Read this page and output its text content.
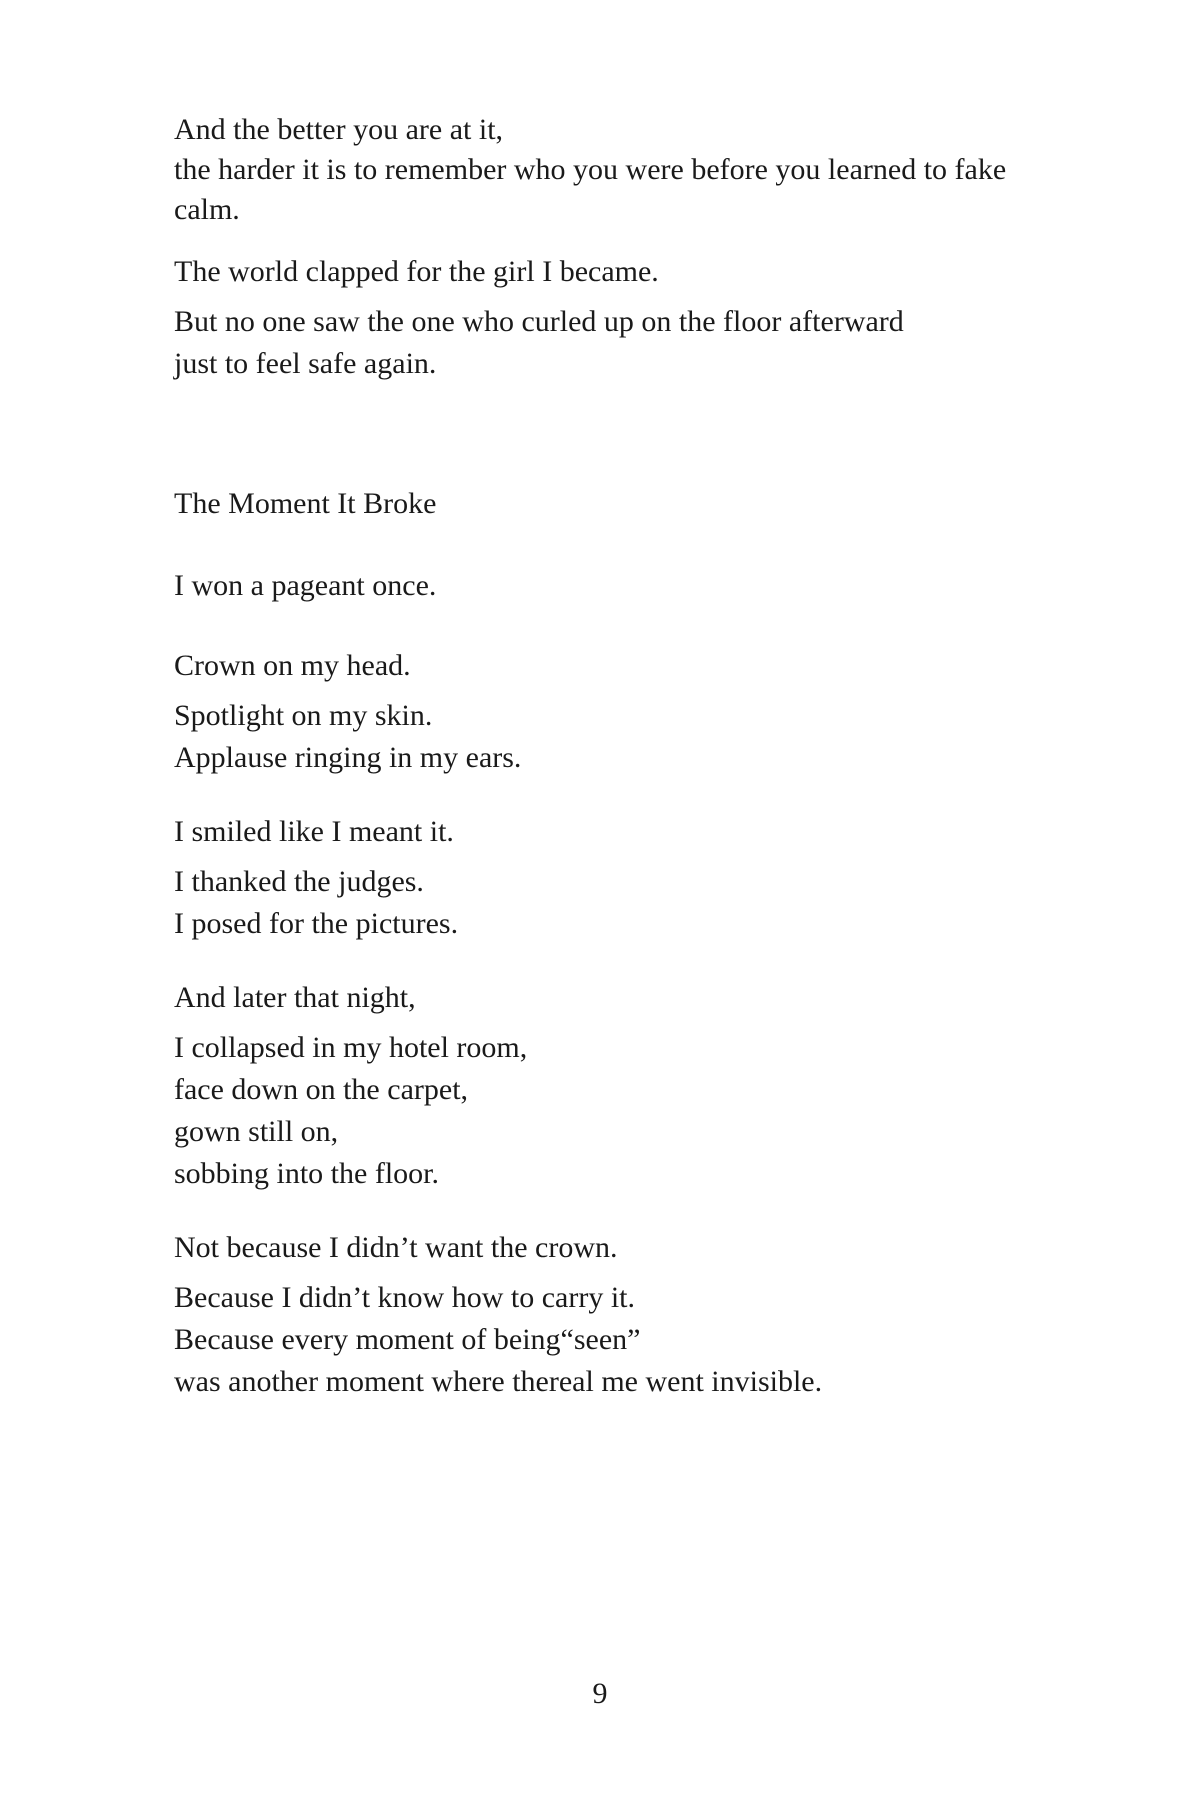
And the better you are at it,
the harder it is to remember who you were before you learned to fake
calm.
The world clapped for the girl I became.
But no one saw the one who curled up on the floor afterward
just to feel safe again.
The Moment It Broke
I won a pageant once.
Crown on my head.
Spotlight on my skin.
Applause ringing in my ears.
I smiled like I meant it.
I thanked the judges.
I posed for the pictures.
And later that night,
I collapsed in my hotel room,
face down on the carpet,
gown still on,
sobbing into the floor.
Not because I didn’t want the crown.
Because I didn’t know how to carry it.
Because every moment of being“seen”
was another moment where thereal me went invisible.
9
